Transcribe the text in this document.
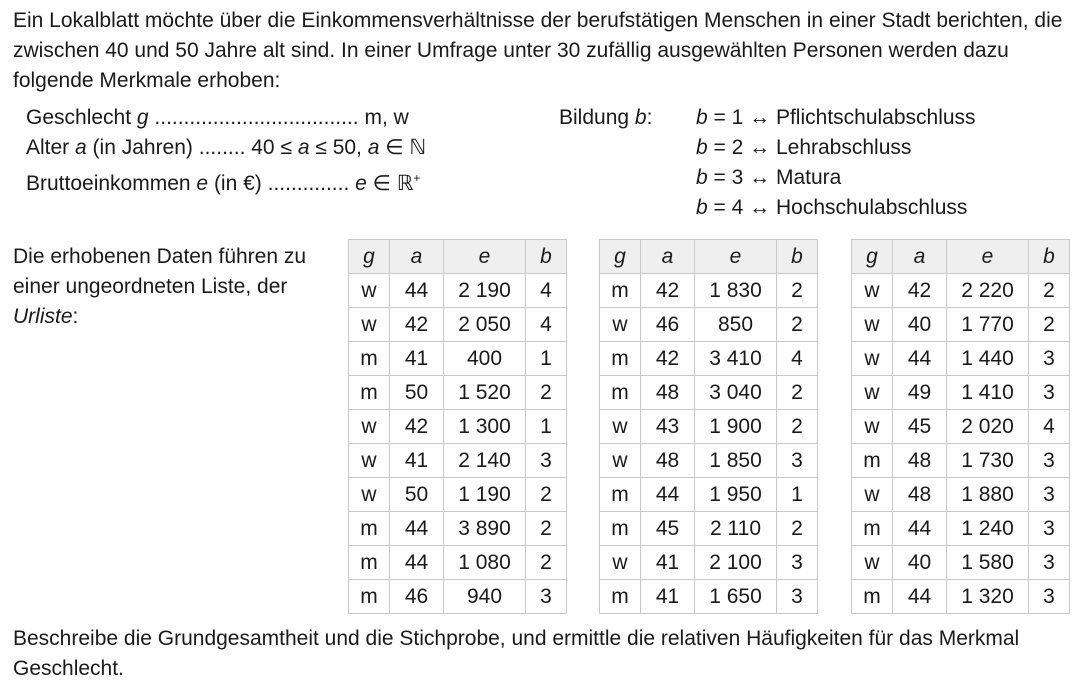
Ein Lokalblatt möchte über die Einkommensverhältnisse der berufstätigen Menschen in einer Stadt berichten, die zwischen 40 und 50 Jahre alt sind. In einer Umfrage unter 30 zufällig ausgewählten Personen werden dazu folgende Merkmale erhoben:
Geschlecht g ................................... m, w
Alter a (in Jahren) ........ 40 ≤ a ≤ 50, a ∈ ℕ
Bruttoeinkommen e (in €) .............. e ∈ ℝ+
Bildung b: b = 1 ↔ Pflichtschulabschluss
b = 2 ↔ Lehrabschluss
b = 3 ↔ Matura
b = 4 ↔ Hochschulabschluss
Die erhobenen Daten führen zu einer ungeordneten Liste, der Urliste:
g	a	e	b
w	44	2 190	4
w	42	2 050	4
m	41	400	1
m	50	1 520	2
w	42	1 300	1
w	41	2 140	3
w	50	1 190	2
m	44	3 890	2
m	44	1 080	2
m	46	940	3
g	a	e	b
m	42	1 830	2
w	46	850	2
m	42	3 410	4
m	48	3 040	2
w	43	1 900	2
w	48	1 850	3
m	44	1 950	1
m	45	2 110	2
w	41	2 100	3
m	41	1 650	3
g	a	e	b
w	42	2 220	2
w	40	1 770	2
w	44	1 440	3
w	49	1 410	3
w	45	2 020	4
m	48	1 730	3
w	48	1 880	3
m	44	1 240	3
w	40	1 580	3
m	44	1 320	3
Beschreibe die Grundgesamtheit und die Stichprobe, und ermittle die relativen Häufigkeiten für das Merkmal Geschlecht.
